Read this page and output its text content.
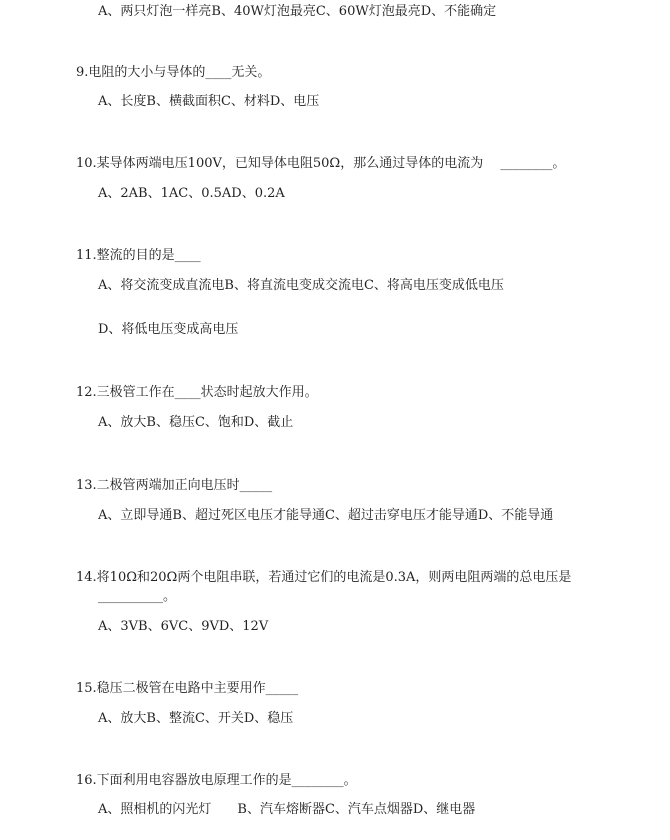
A、两只灯泡一样亮B、40W灯泡最亮C、60W灯泡最亮D、不能确定
9.电阻的大小与导体的____无关。
A、长度B、横截面积C、材料D、电压
10.某导体两端电压100V，已知导体电阻50Ω，那么通过导体的电流为　 ________。
A、2AB、1AC、0.5AD、0.2A
11.整流的目的是____
A、将交流变成直流电B、将直流电变成交流电C、将高电压变成低电压
D、将低电压变成高电压
12.三极管工作在____状态时起放大作用。
A、放大B、稳压C、饱和D、截止
13.二极管两端加正向电压时_____
A、立即导通B、超过死区电压才能导通C、超过击穿电压才能导通D、不能导通
14.将10Ω和20Ω两个电阻串联，若通过它们的电流是0.3A，则两电阻两端的总电压是
__________。
A、3VB、6VC、9VD、12V
15.稳压二极管在电路中主要用作_____
A、放大B、整流C、开关D、稳压
16.下面利用电容器放电原理工作的是________。
A、照相机的闪光灯　　B、汽车熔断器C、汽车点烟器D、继电器
